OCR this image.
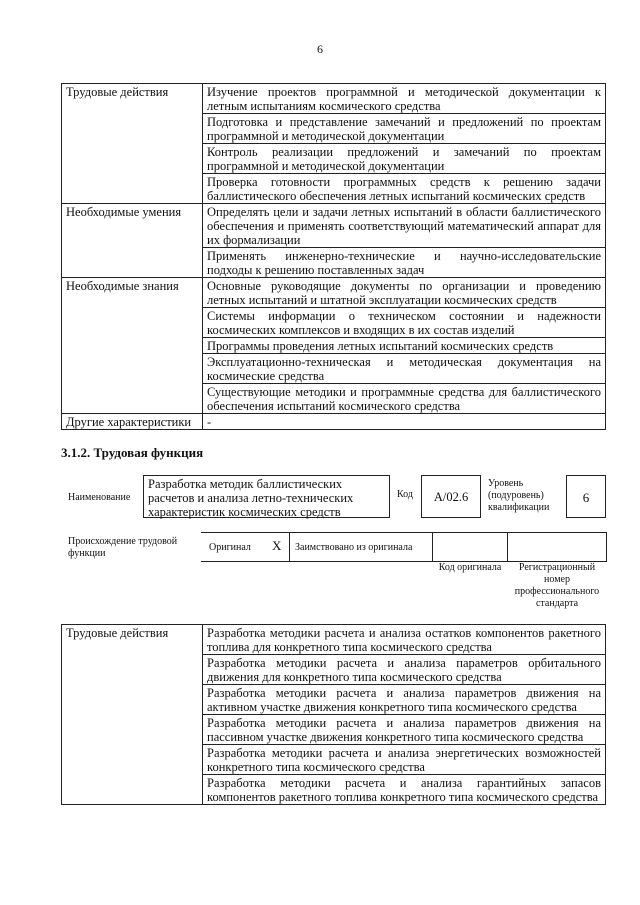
6
Трудовые действия	Изучение проектов программной и методической документации к летным испытаниям космического средства
	Подготовка и представление замечаний и предложений по проектам программной и методической документации
	Контроль реализации предложений и замечаний по проектам программной и методической документации
	Проверка готовности программных средств к решению задачи баллистического обеспечения летных испытаний космических средств
Необходимые умения	Определять цели и задачи летных испытаний в области баллистического обеспечения и применять соответствующий математический аппарат для их формализации
	Применять инженерно-технические и научно-исследовательские подходы к решению поставленных задач
Необходимые знания	Основные руководящие документы по организации и проведению летных испытаний и штатной эксплуатации космических средств
	Системы информации о техническом состоянии и надежности космических комплексов и входящих в их состав изделий
	Программы проведения летных испытаний космических средств
	Эксплуатационно-техническая и методическая документация на космические средства
	Существующие методики и программные средства для баллистического обеспечения испытаний космического средства
Другие характеристики	-
3.1.2. Трудовая функция
Наименование
Разработка методик баллистических расчетов и анализа летно-технических характеристик космических средств
Код	A/02.6
Уровень (подуровень) квалификации
6
Происхождение трудовой функции
Оригинал X Заимствовано из оригинала
Код оригинала	Регистрационный номер профессионального стандарта
Трудовые действия	Разработка методики расчета и анализа остатков компонентов ракетного топлива для конкретного типа космического средства
Разработка методики расчета и анализа параметров орбитального движения для конкретного типа космического средства
Разработка методики расчета и анализа параметров движения на активном участке движения конкретного типа космического средства
Разработка методики расчета и анализа параметров движения на пассивном участке движения конкретного типа космического средства
Разработка методики расчета и анализа энергетических возможностей конкретного типа космического средства
Разработка методики расчета и анализа гарантийных запасов компонентов ракетного топлива конкретного типа космического средства
